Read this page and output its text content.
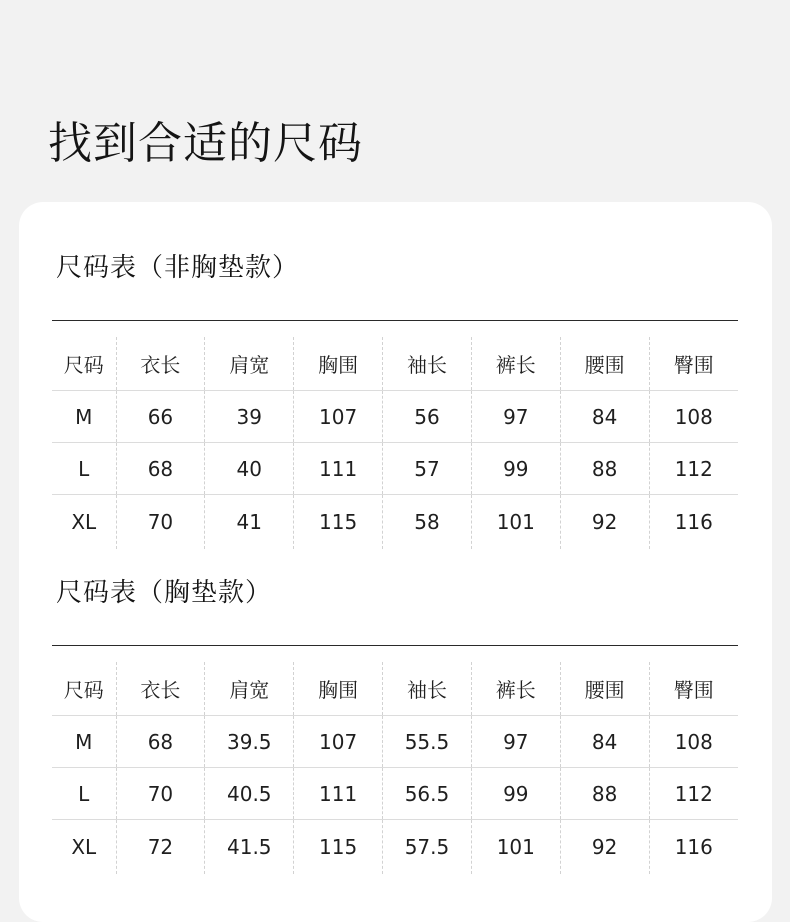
找到合适的尺码
尺码表（非胸垫款）
尺码	衣长	肩宽	胸围	袖长	裤长	腰围	臀围
M	66	39	107	56	97	84	108
L	68	40	111	57	99	88	112
XL	70	41	115	58	101	92	116
尺码表（胸垫款）
尺码	衣长	肩宽	胸围	袖长	裤长	腰围	臀围
M	68	39.5	107	55.5	97	84	108
L	70	40.5	111	56.5	99	88	112
XL	72	41.5	115	57.5	101	92	116
